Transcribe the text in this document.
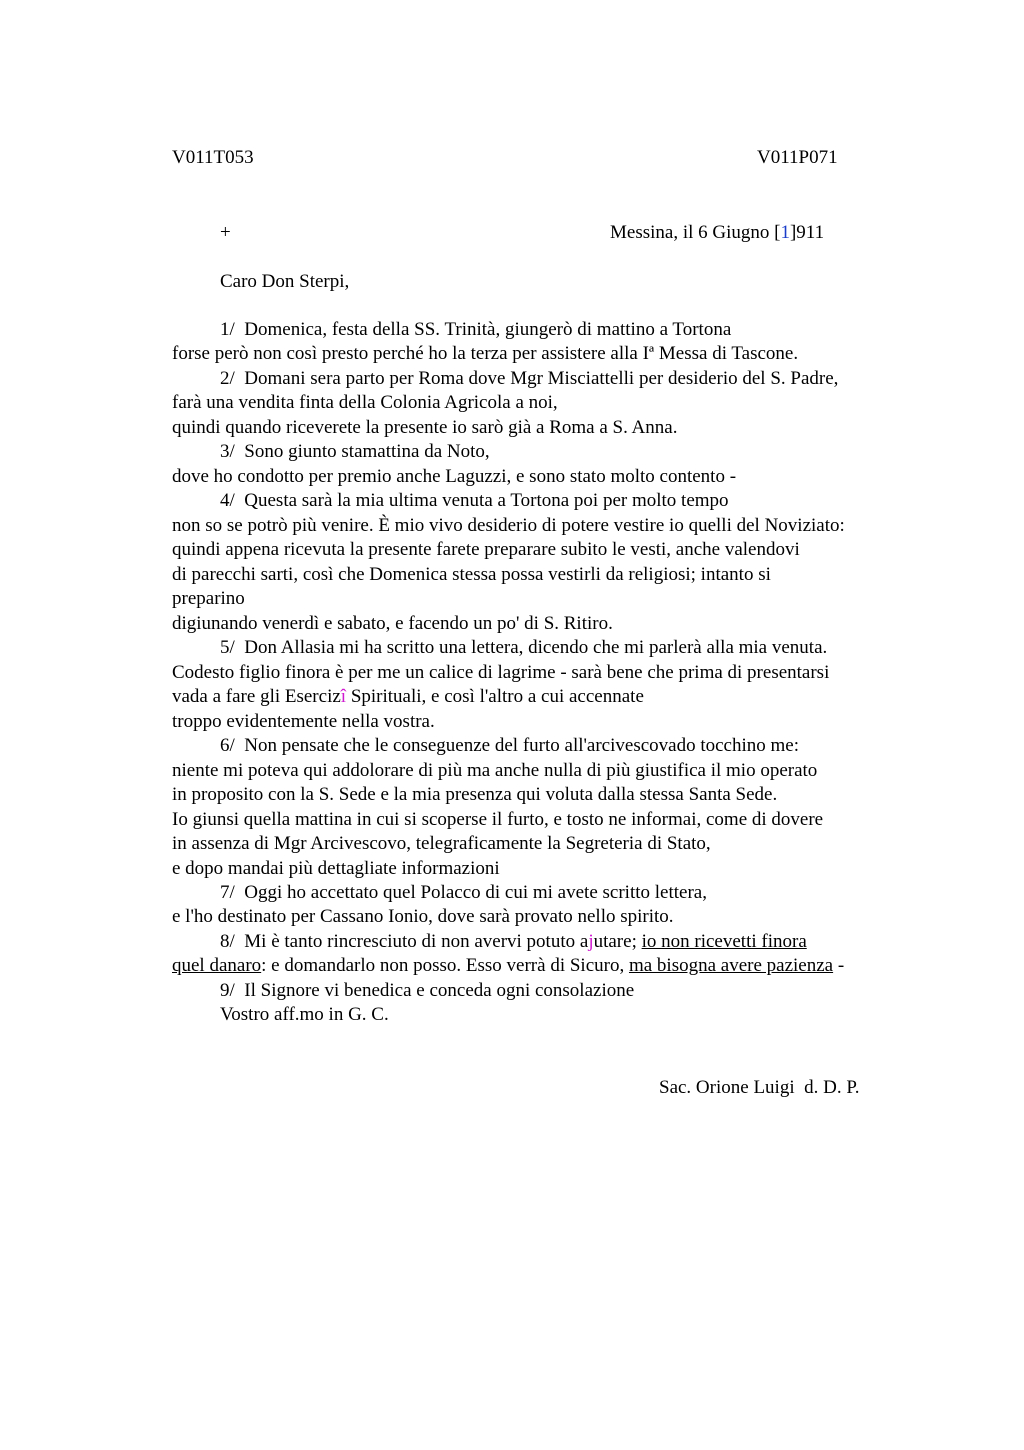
V011T053	V011P071
+	Messina, il 6 Giugno [1]911
Caro Don Sterpi,
1/  Domenica, festa della SS. Trinità, giungerò di mattino a Tortona
forse però non così presto perché ho la terza per assistere alla Iª Messa di Tascone.
2/  Domani sera parto per Roma dove Mgr Misciattelli per desiderio del S. Padre,
farà una vendita finta della Colonia Agricola a noi,
quindi quando riceverete la presente io sarò già a Roma a S. Anna.
3/  Sono giunto stamattina da Noto,
dove ho condotto per premio anche Laguzzi, e sono stato molto contento -
4/  Questa sarà la mia ultima venuta a Tortona poi per molto tempo
non so se potrò più venire. È mio vivo desiderio di potere vestire io quelli del Noviziato:
quindi appena ricevuta la presente farete preparare subito le vesti, anche valendovi
di parecchi sarti, così che Domenica stessa possa vestirli da religiosi; intanto si
preparino
digiunando venerdì e sabato, e facendo un po' di S. Ritiro.
5/  Don Allasia mi ha scritto una lettera, dicendo che mi parlerà alla mia venuta.
Codesto figlio finora è per me un calice di lagrime - sarà bene che prima di presentarsi
vada a fare gli Esercizî Spirituali, e così l'altro a cui accennate
troppo evidentemente nella vostra.
6/  Non pensate che le conseguenze del furto all'arcivescovado tocchino me:
niente mi poteva qui addolorare di più ma anche nulla di più giustifica il mio operato
in proposito con la S. Sede e la mia presenza qui voluta dalla stessa Santa Sede.
Io giunsi quella mattina in cui si scoperse il furto, e tosto ne informai, come di dovere
in assenza di Mgr Arcivescovo, telegraficamente la Segreteria di Stato,
e dopo mandai più dettagliate informazioni
7/  Oggi ho accettato quel Polacco di cui mi avete scritto lettera,
e l'ho destinato per Cassano Ionio, dove sarà provato nello spirito.
8/  Mi è tanto rincresciuto di non avervi potuto ajutare; io non ricevetti finora
quel danaro: e domandarlo non posso. Esso verrà di Sicuro, ma bisogna avere pazienza -
9/  Il Signore vi benedica e conceda ogni consolazione
Vostro aff.mo in G. C.
Sac. Orione Luigi  d. D. P.
